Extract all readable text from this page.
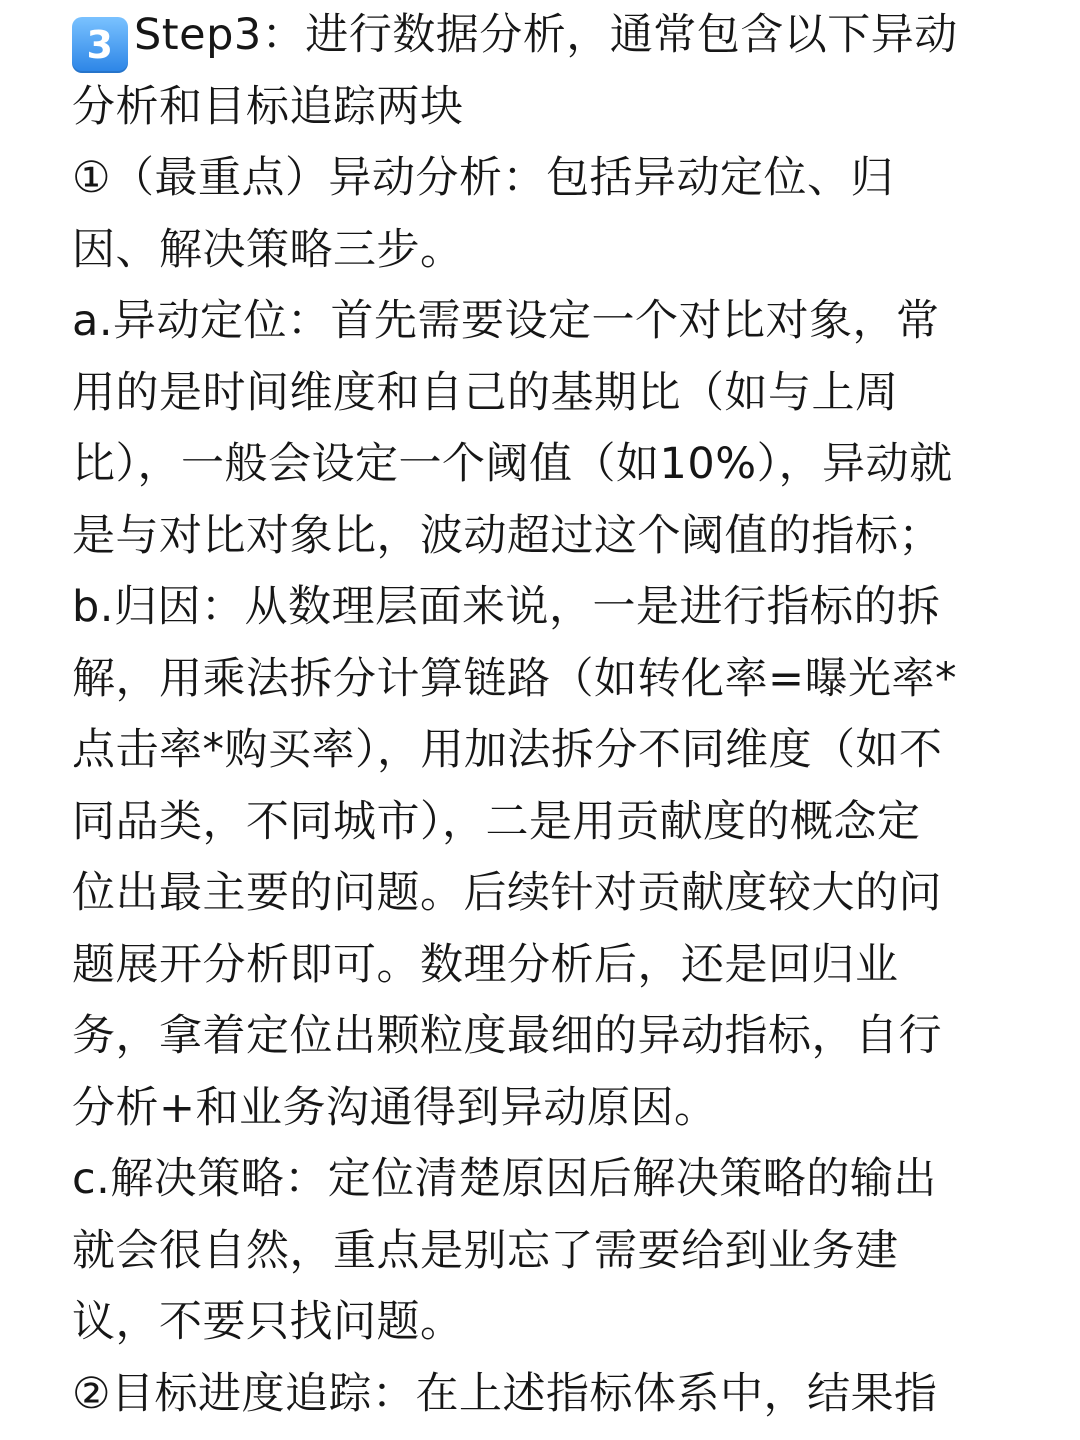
3 Step3：进行数据分析，通常包含以下异动
分析和目标追踪两块
①（最重点）异动分析：包括异动定位、归
因、解决策略三步。
a.异动定位：首先需要设定一个对比对象，常
用的是时间维度和自己的基期比（如与上周
比），一般会设定一个阈值（如10%），异动就
是与对比对象比，波动超过这个阈值的指标；
b.归因：从数理层面来说，一是进行指标的拆
解，用乘法拆分计算链路（如转化率=曝光率*
点击率*购买率），用加法拆分不同维度（如不
同品类，不同城市），二是用贡献度的概念定
位出最主要的问题。后续针对贡献度较大的问
题展开分析即可。数理分析后，还是回归业
务，拿着定位出颗粒度最细的异动指标，自行
分析+和业务沟通得到异动原因。
c.解决策略：定位清楚原因后解决策略的输出
就会很自然，重点是别忘了需要给到业务建
议，不要只找问题。
②目标进度追踪：在上述指标体系中，结果指
